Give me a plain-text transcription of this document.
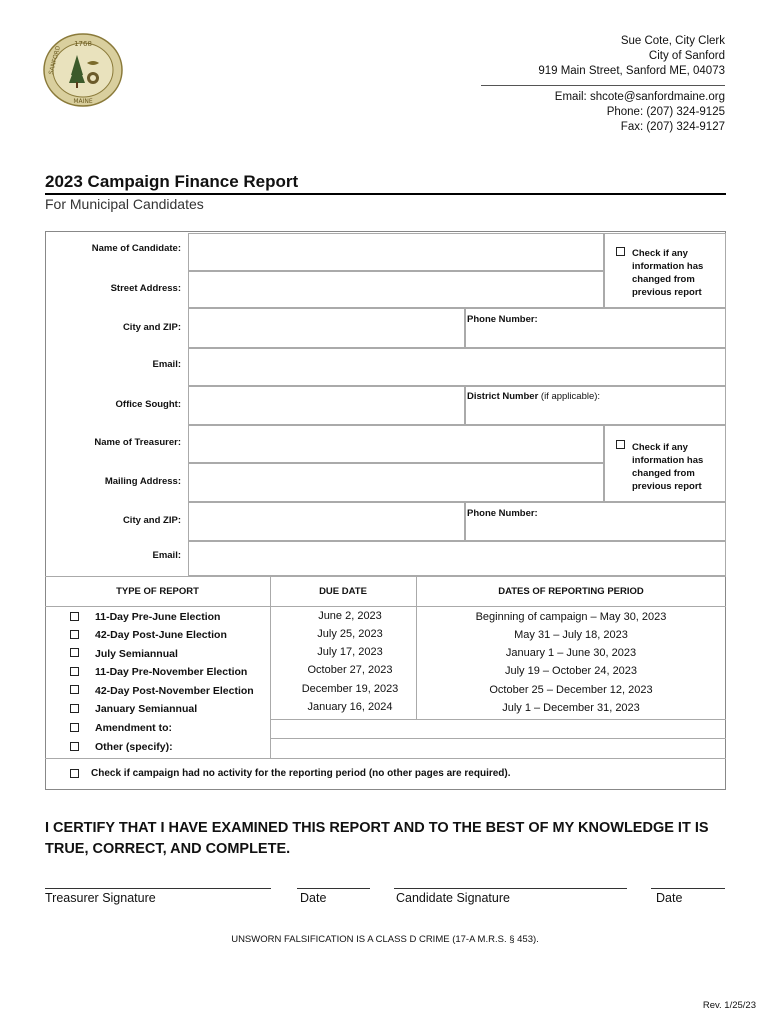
1768
SANFORD
MAINE
Sue Cote, City Clerk
City of Sanford
919 Main Street, Sanford ME, 04073
Email: shcote@sanfordmaine.org
Phone: (207) 324-9125
Fax: (207) 324-9127
2023 Campaign Finance Report
For Municipal Candidates
Name of Candidate:
Street Address:
Check if any
information has
changed from
previous report
City and ZIP:
Phone Number:
Email:
Office Sought:
District Number (if applicable):
Name of Treasurer:
Mailing Address:
Check if any
information has
changed from
previous report
City and ZIP:
Phone Number:
Email:
TYPE OF REPORT	DUE DATE	DATES OF REPORTING PERIOD
11-Day Pre-June Election	June 2, 2023	Beginning of campaign – May 30, 2023
42-Day Post-June Election	July 25, 2023	May 31 – July 18, 2023
July Semiannual	July 17, 2023	January 1 – June 30, 2023
11-Day Pre-November Election	October 27, 2023	July 19 – October 24, 2023
42-Day Post-November Election	December 19, 2023	October 25 – December 12, 2023
January Semiannual	January 16, 2024	July 1 – December 31, 2023
Amendment to:
Other (specify):
Check if campaign had no activity for the reporting period (no other pages are required).
I CERTIFY THAT I HAVE EXAMINED THIS REPORT AND TO THE BEST OF MY KNOWLEDGE IT IS TRUE, CORRECT, AND COMPLETE.
Treasurer Signature	Date	Candidate Signature	Date
UNSWORN FALSIFICATION IS A CLASS D CRIME (17-A M.R.S. § 453).
Rev. 1/25/23
